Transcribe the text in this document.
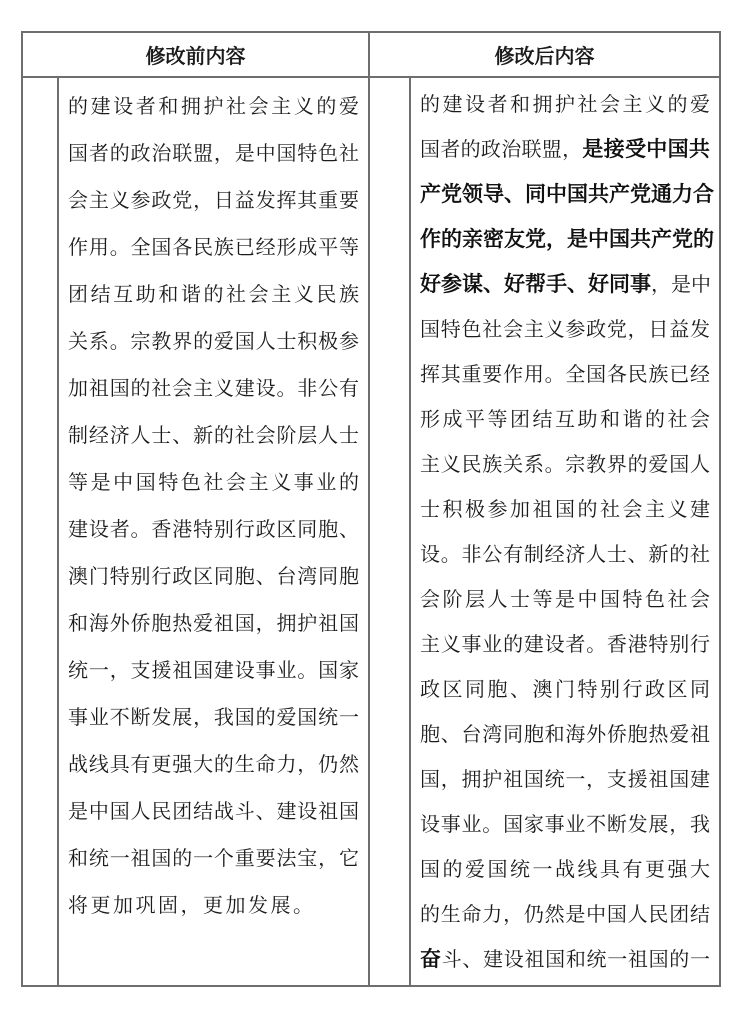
修改前内容	修改后内容
的 建 设 者 和 拥 护 社 会 主 义 的 爱
国 者 的 政 治 联 盟 ， 是 中 国 特 色 社
会 主 义 参 政 党 ， 日 益 发 挥 其 重 要
作 用 。 全 国 各 民 族 已 经 形 成 平 等
团 结 互 助 和 谐 的 社 会 主 义 民 族
关 系 。 宗 教 界 的 爱 国 人 士 积 极 参
加 祖 国 的 社 会 主 义 建 设 。 非 公 有
制 经 济 人 士 、 新 的 社 会 阶 层 人 士
等 是 中 国 特 色 社 会 主 义 事 业 的
建 设 者 。 香 港 特 别 行 政 区 同 胞 、
澳 门 特 别 行 政 区 同 胞 、 台 湾 同 胞
和 海 外 侨 胞 热 爱 祖 国 ， 拥 护 祖 国
统 一 ， 支 援 祖 国 建 设 事 业 。 国 家
事 业 不 断 发 展 ， 我 国 的 爱 国 统 一
战 线 具 有 更 强 大 的 生 命 力 ， 仍 然
是 中 国 人 民 团 结 战 斗 、 建 设 祖 国
和 统 一 祖 国 的 一 个 重 要 法 宝 ， 它
将 更 加 巩 固 ， 更 加 发 展 。
的 建 设 者 和 拥 护 社 会 主 义 的 爱
国 者 的 政 治 联 盟 ， 是 接 受 中 国 共
产 党 领 导 、 同 中 国 共 产 党 通 力 合
作 的 亲 密 友 党 ， 是 中 国 共 产 党 的
好 参 谋 、 好 帮 手 、 好 同 事 ， 是 中
国 特 色 社 会 主 义 参 政 党 ， 日 益 发
挥 其 重 要 作 用 。 全 国 各 民 族 已 经
形 成 平 等 团 结 互 助 和 谐 的 社 会
主 义 民 族 关 系 。 宗 教 界 的 爱 国 人
士 积 极 参 加 祖 国 的 社 会 主 义 建
设 。 非 公 有 制 经 济 人 士 、 新 的 社
会 阶 层 人 士 等 是 中 国 特 色 社 会
主 义 事 业 的 建 设 者 。 香 港 特 别 行
政 区 同 胞 、 澳 门 特 别 行 政 区 同
胞 、 台 湾 同 胞 和 海 外 侨 胞 热 爱 祖
国 ， 拥 护 祖 国 统 一 ， 支 援 祖 国 建
设 事 业 。 国 家 事 业 不 断 发 展 ， 我
国 的 爱 国 统 一 战 线 具 有 更 强 大
的 生 命 力 ， 仍 然 是 中 国 人 民 团 结
奋 斗 、 建 设 祖 国 和 统 一 祖 国 的 一
